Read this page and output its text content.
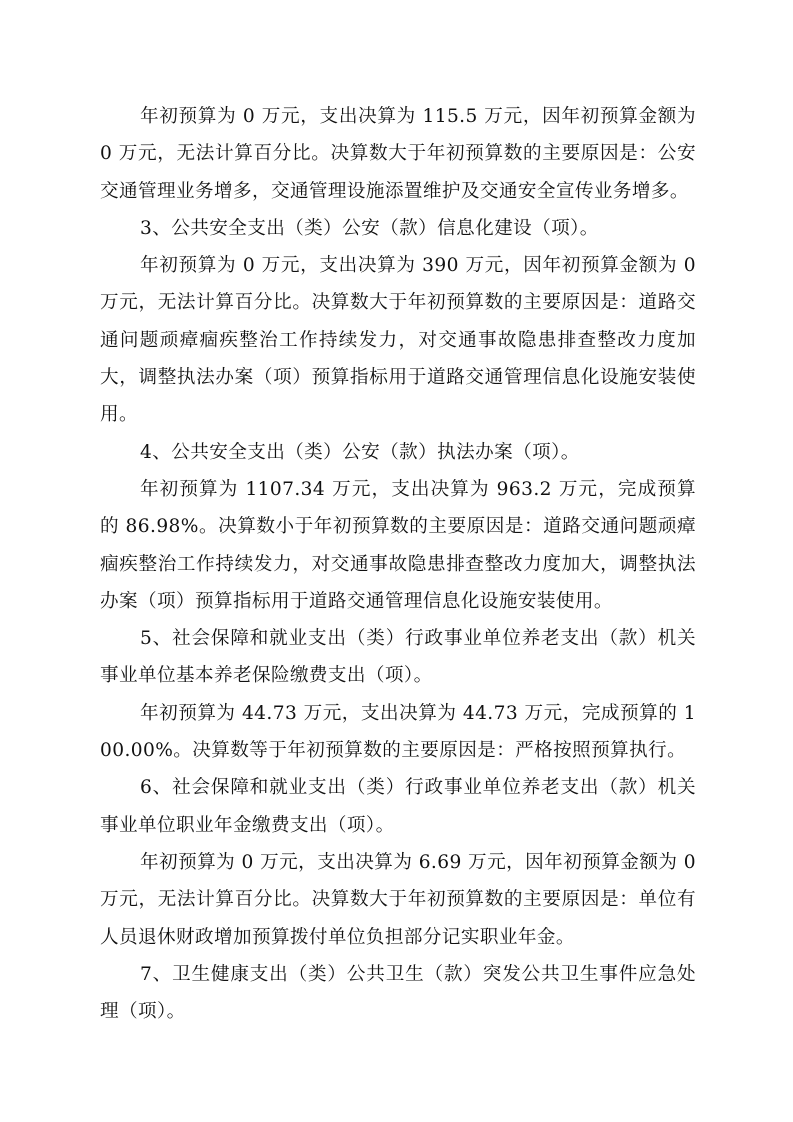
年初预算为 0 万元，支出决算为 115.5 万元，因年初预算金额为 0 万元，无法计算百分比。决算数大于年初预算数的主要原因是：公安交通管理业务增多，交通管理设施添置维护及交通安全宣传业务增多。

3、公共安全支出（类）公安（款）信息化建设（项）。

年初预算为 0 万元，支出决算为 390 万元，因年初预算金额为 0 万元，无法计算百分比。决算数大于年初预算数的主要原因是：道路交通问题顽瘴痼疾整治工作持续发力，对交通事故隐患排查整改力度加大，调整执法办案（项）预算指标用于道路交通管理信息化设施安装使用。

4、公共安全支出（类）公安（款）执法办案（项）。

年初预算为 1107.34 万元，支出决算为 963.2 万元，完成预算的 86.98%。决算数小于年初预算数的主要原因是：道路交通问题顽瘴痼疾整治工作持续发力，对交通事故隐患排查整改力度加大，调整执法办案（项）预算指标用于道路交通管理信息化设施安装使用。

5、社会保障和就业支出（类）行政事业单位养老支出（款）机关事业单位基本养老保险缴费支出（项）。

年初预算为 44.73 万元，支出决算为 44.73 万元，完成预算的 100.00%。决算数等于年初预算数的主要原因是：严格按照预算执行。

6、社会保障和就业支出（类）行政事业单位养老支出（款）机关事业单位职业年金缴费支出（项）。

年初预算为 0 万元，支出决算为 6.69 万元，因年初预算金额为 0 万元，无法计算百分比。决算数大于年初预算数的主要原因是：单位有人员退休财政增加预算拨付单位负担部分记实职业年金。

7、卫生健康支出（类）公共卫生（款）突发公共卫生事件应急处理（项）。
